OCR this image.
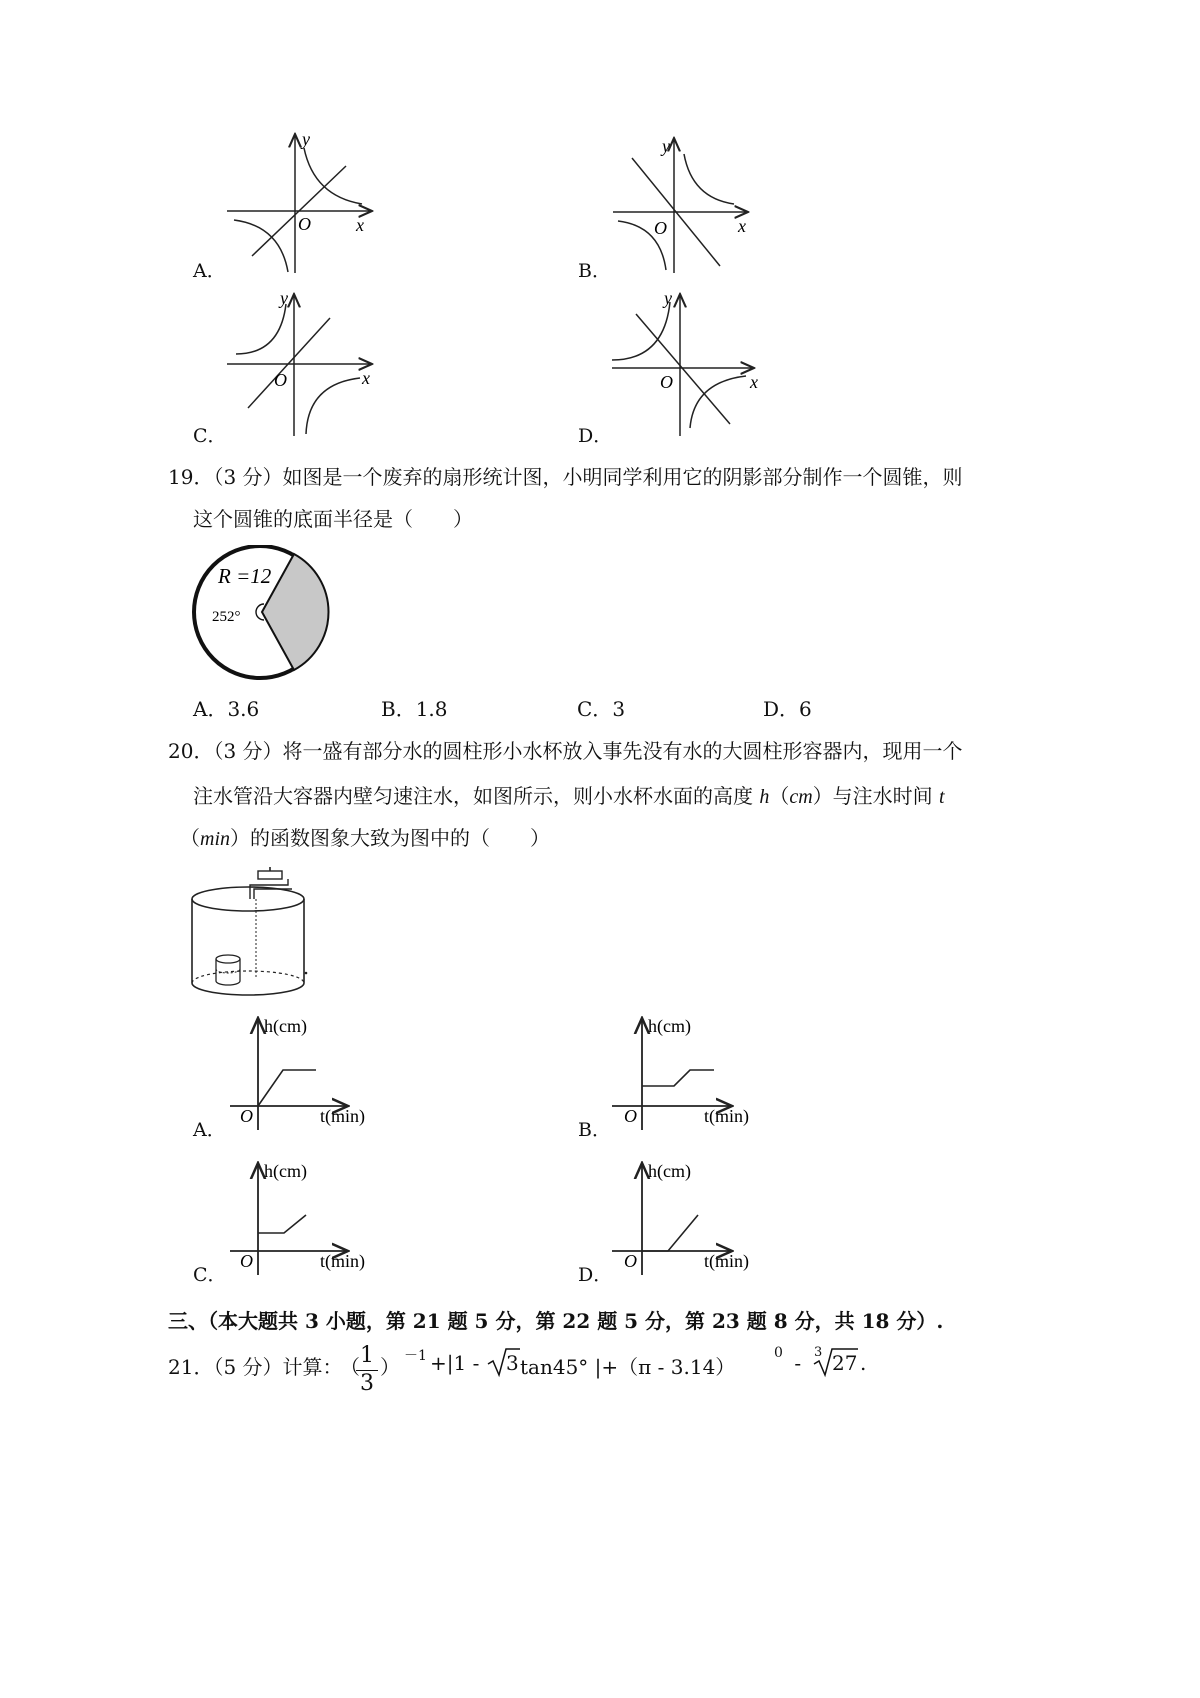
A．
y
x
O
B．
y
x
O
C．
y
x
O
D．
y
x
O
19．（3 分）如图是一个废弃的扇形统计图，小明同学利用它的阴影部分制作一个圆锥，则
这个圆锥的底面半径是（　　）
R =12
252°
A．3.6	B．1.8	C．3	D．6
20．（3 分）将一盛有部分水的圆柱形小水杯放入事先没有水的大圆柱形容器内，现用一个
注水管沿大容器内壁匀速注水，如图所示，则小水杯水面的高度 h（cm）与注水时间 t
（min）的函数图象大致为图中的（　　）
A．
h(cm)
t(min)
O
B．
h(cm)
t(min)
O
C．
h(cm)
t(min)
O
D．
h(cm)
t(min)
O
三、（本大题共 3 小题，第 21 题 5 分，第 22 题 5 分，第 23 题 8 分，共 18 分）.
21．（5 分）计算：
（ 1
3
） －1 +|1 - 3 tan45° |+（π - 3.14）
0 - 3 27 .
